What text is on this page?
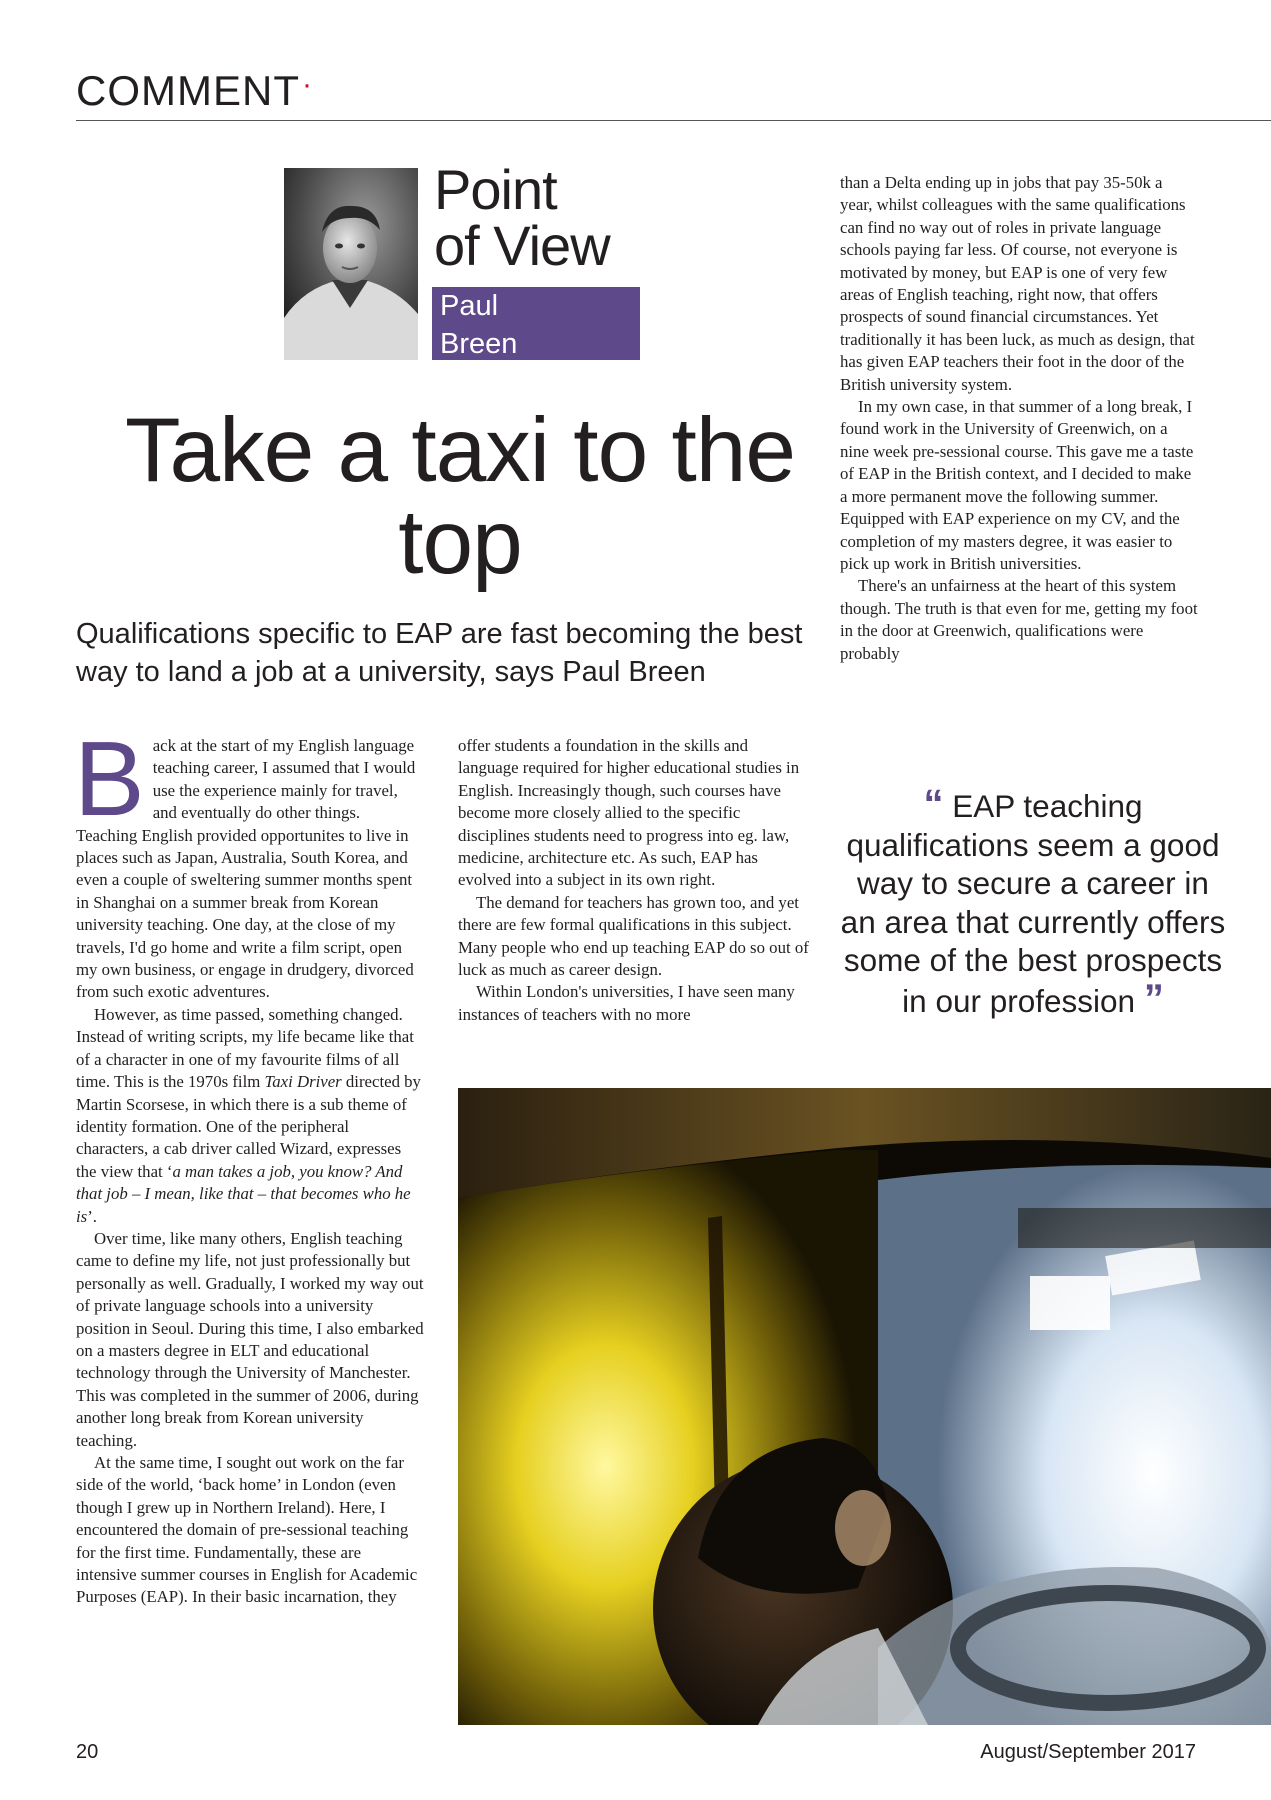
COMMENT·
Point
of View
Paul
Breen
Take a taxi to the top

Qualifications specific to EAP are fast becoming the best way to land a job at a university, says Paul Breen

Back at the start of my English language teaching career, I assumed that I would use the experience mainly for travel, and eventually do other things. Teaching English provided opportunites to live in places such as Japan, Australia, South Korea, and even a couple of sweltering summer months spent in Shanghai on a summer break from Korean university teaching. One day, at the close of my travels, I'd go home and write a film script, open my own business, or engage in drudgery, divorced from such exotic adventures.

However, as time passed, something changed. Instead of writing scripts, my life became like that of a character in one of my favourite films of all time. This is the 1970s film Taxi Driver directed by Martin Scorsese, in which there is a sub theme of identity formation. One of the peripheral characters, a cab driver called Wizard, expresses the view that ‘a man takes a job, you know? And that job – I mean, like that – that becomes who he is’.

Over time, like many others, English teaching came to define my life, not just professionally but personally as well. Gradually, I worked my way out of private language schools into a university position in Seoul. During this time, I also embarked on a masters degree in ELT and educational technology through the University of Manchester. This was completed in the summer of 2006, during another long break from Korean university teaching.

At the same time, I sought out work on the far side of the world, ‘back home’ in London (even though I grew up in Northern Ireland). Here, I encountered the domain of pre-sessional teaching for the first time. Fundamentally, these are intensive summer courses in English for Academic Purposes (EAP). In their basic incarnation, they

offer students a foundation in the skills and language required for higher educational studies in English. Increasingly though, such courses have become more closely allied to the specific disciplines students need to progress into eg. law, medicine, architecture etc. As such, EAP has evolved into a subject in its own right.

The demand for teachers has grown too, and yet there are few formal qualifications in this subject. Many people who end up teaching EAP do so out of luck as much as career design.

Within London's universities, I have seen many instances of teachers with no more

than a Delta ending up in jobs that pay 35-50k a year, whilst colleagues with the same qualifications can find no way out of roles in private language schools paying far less. Of course, not everyone is motivated by money, but EAP is one of very few areas of English teaching, right now, that offers prospects of sound financial circumstances. Yet traditionally it has been luck, as much as design, that has given EAP teachers their foot in the door of the British university system.

In my own case, in that summer of a long break, I found work in the University of Greenwich, on a nine week pre-sessional course. This gave me a taste of EAP in the British context, and I decided to make a more permanent move the following summer. Equipped with EAP experience on my CV, and the completion of my masters degree, it was easier to pick up work in British universities.

There's an unfairness at the heart of this system though. The truth is that even for me, getting my foot in the door at Greenwich, qualifications were probably

“ EAP teaching qualifications seem a good way to secure a career in an area that currently offers some of the best prospects in our profession ”

20	August/September 2017
